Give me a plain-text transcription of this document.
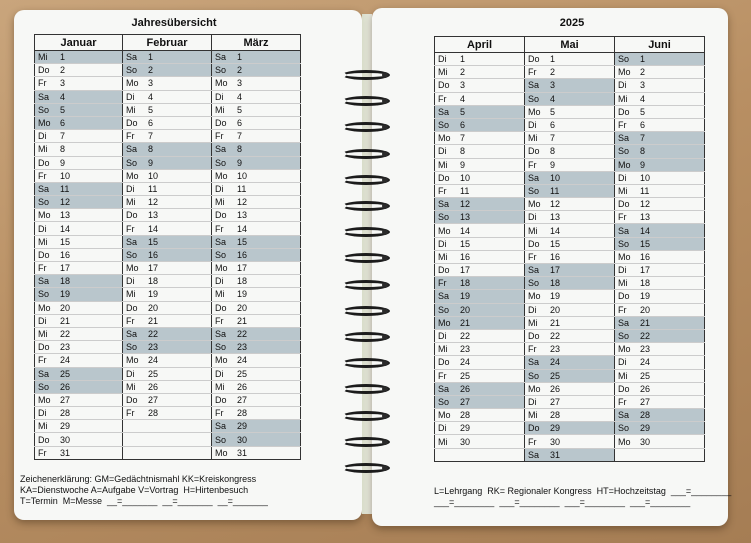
Jahresübersicht
Januar	Februar	März
Mi 1	Sa 1	Sa 1
Do 2	So 2	So 2
Fr 3	Mo 3	Mo 3
Sa 4	Di 4	Di 4
So 5	Mi 5	Mi 5
Mo 6	Do 6	Do 6
Di 7	Fr 7	Fr 7
Mi 8	Sa 8	Sa 8
Do 9	So 9	So 9
Fr 10	Mo 10	Mo 10
Sa 11	Di 11	Di 11
So 12	Mi 12	Mi 12
Mo 13	Do 13	Do 13
Di 14	Fr 14	Fr 14
Mi 15	Sa 15	Sa 15
Do 16	So 16	So 16
Fr 17	Mo 17	Mo 17
Sa 18	Di 18	Di 18
So 19	Mi 19	Mi 19
Mo 20	Do 20	Do 20
Di 21	Fr 21	Fr 21
Mi 22	Sa 22	Sa 22
Do 23	So 23	So 23
Fr 24	Mo 24	Mo 24
Sa 25	Di 25	Di 25
So 26	Mi 26	Mi 26
Mo 27	Do 27	Do 27
Di 28	Fr 28	Fr 28
Mi 29		Sa 29
Do 30		So 30
Fr 31		Mo 31
Zeichenerklärung: GM=Gedächtnismahl KK=Kreiskongress
KA=Dienstwoche A=Aufgabe V=Vortrag  H=Hirtenbesuch
T=Termin  M=Messe  __=_______  __=_______  __=_______
2025
April	Mai	Juni
Di 1	Do 1	So 1
Mi 2	Fr 2	Mo 2
Do 3	Sa 3	Di 3
Fr 4	So 4	Mi 4
Sa 5	Mo 5	Do 5
So 6	Di 6	Fr 6
Mo 7	Mi 7	Sa 7
Di 8	Do 8	So 8
Mi 9	Fr 9	Mo 9
Do 10	Sa 10	Di 10
Fr 11	So 11	Mi 11
Sa 12	Mo 12	Do 12
So 13	Di 13	Fr 13
Mo 14	Mi 14	Sa 14
Di 15	Do 15	So 15
Mi 16	Fr 16	Mo 16
Do 17	Sa 17	Di 17
Fr 18	So 18	Mi 18
Sa 19	Mo 19	Do 19
So 20	Di 20	Fr 20
Mo 21	Mi 21	Sa 21
Di 22	Do 22	So 22
Mi 23	Fr 23	Mo 23
Do 24	Sa 24	Di 24
Fr 25	So 25	Mi 25
Sa 26	Mo 26	Do 26
So 27	Di 27	Fr 27
Mo 28	Mi 28	Sa 28
Di 29	Do 29	So 29
Mi 30	Fr 30	Mo 30
	Sa 31	
L=Lehrgang  RK= Regionaler Kongress  HT=Hochzeitstag  ___=________
___=________  ___=________  ___=________  ___=________
